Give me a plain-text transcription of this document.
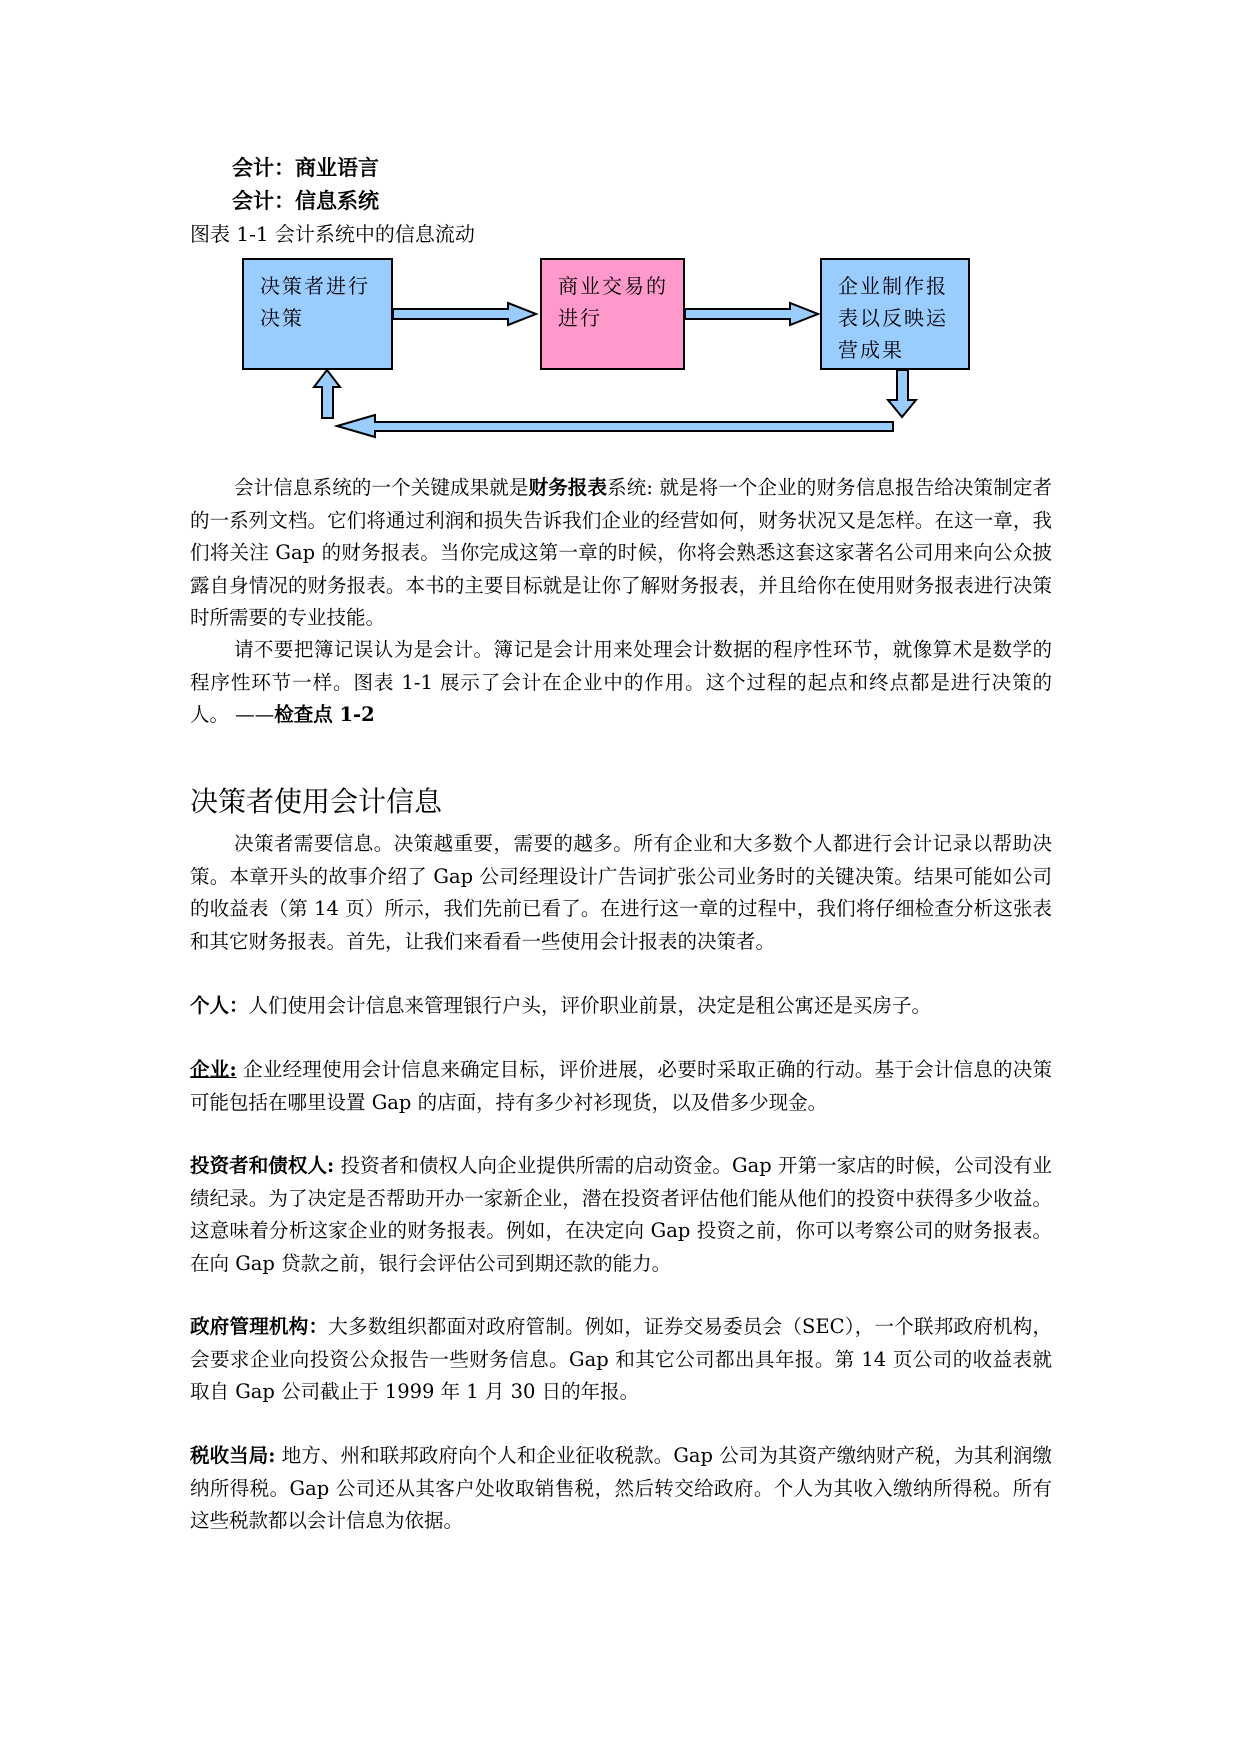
会计：商业语言
会计：信息系统
图表 1-1 会计系统中的信息流动
决策者进行
决策
商业交易的
进行
企业制作报
表以反映运
营成果

会计信息系统的一个关键成果就是财务报表系统: 就是将一个企业的财务信息报告给决策制定者的一系列文档。它们将通过利润和损失告诉我们企业的经营如何，财务状况又是怎样。在这一章，我们将关注 Gap 的财务报表。当你完成这第一章的时候，你将会熟悉这套这家著名公司用来向公众披露自身情况的财务报表。本书的主要目标就是让你了解财务报表，并且给你在使用财务报表进行决策时所需要的专业技能。

请不要把簿记误认为是会计。簿记是会计用来处理会计数据的程序性环节，就像算术是数学的程序性环节一样。图表 1-1 展示了会计在企业中的作用。这个过程的起点和终点都是进行决策的人。 ——检查点 1-2

决策者使用会计信息

决策者需要信息。决策越重要，需要的越多。所有企业和大多数个人都进行会计记录以帮助决策。本章开头的故事介绍了 Gap 公司经理设计广告词扩张公司业务时的关键决策。结果可能如公司的收益表（第 14 页）所示，我们先前已看了。在进行这一章的过程中，我们将仔细检查分析这张表和其它财务报表。首先，让我们来看看一些使用会计报表的决策者。

个人：人们使用会计信息来管理银行户头，评价职业前景，决定是租公寓还是买房子。

企业: 企业经理使用会计信息来确定目标，评价进展，必要时采取正确的行动。基于会计信息的决策可能包括在哪里设置 Gap 的店面，持有多少衬衫现货，以及借多少现金。

投资者和债权人: 投资者和债权人向企业提供所需的启动资金。Gap 开第一家店的时候，公司没有业绩纪录。为了决定是否帮助开办一家新企业，潜在投资者评估他们能从他们的投资中获得多少收益。这意味着分析这家企业的财务报表。例如，在决定向 Gap 投资之前，你可以考察公司的财务报表。在向 Gap 贷款之前，银行会评估公司到期还款的能力。

政府管理机构：大多数组织都面对政府管制。例如，证券交易委员会（SEC），一个联邦政府机构，会要求企业向投资公众报告一些财务信息。Gap 和其它公司都出具年报。第 14 页公司的收益表就取自 Gap 公司截止于 1999 年 1 月 30 日的年报。

税收当局: 地方、州和联邦政府向个人和企业征收税款。Gap 公司为其资产缴纳财产税，为其利润缴纳所得税。Gap 公司还从其客户处收取销售税，然后转交给政府。个人为其收入缴纳所得税。所有这些税款都以会计信息为依据。
